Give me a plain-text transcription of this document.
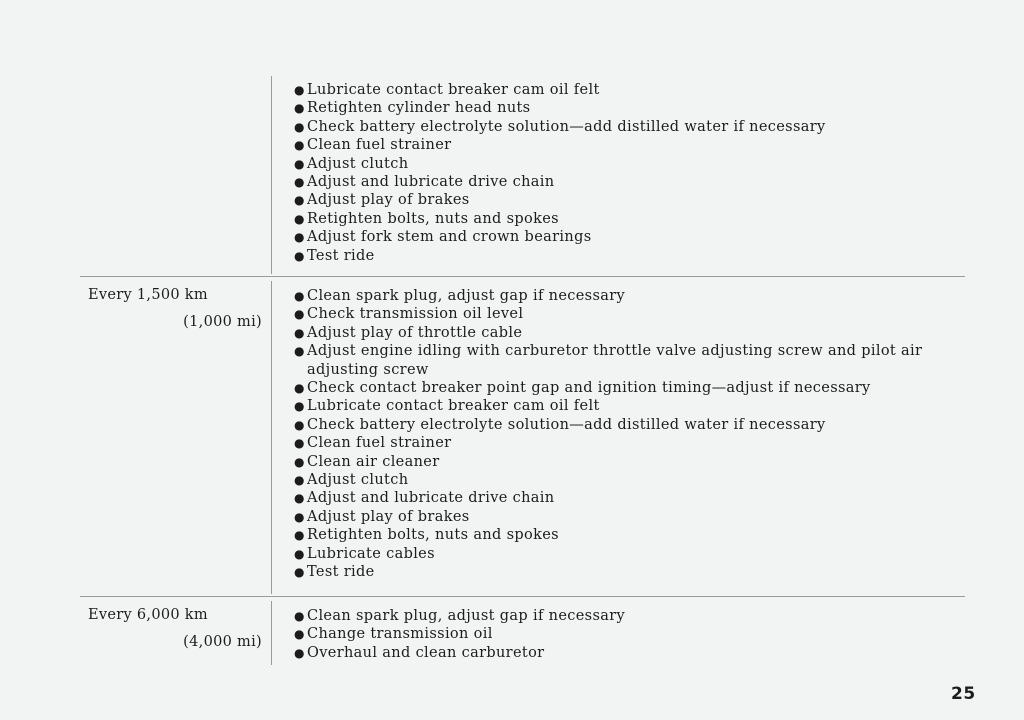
● Lubricate contact breaker cam oil felt
● Retighten cylinder head nuts
● Check battery electrolyte solution—add distilled water if necessary
● Clean fuel strainer
● Adjust clutch
● Adjust and lubricate drive chain
● Adjust play of brakes
● Retighten bolts, nuts and spokes
● Adjust fork stem and crown bearings
● Test ride
Every 1,500 km
(1,000 mi)
● Clean spark plug, adjust gap if necessary
● Check transmission oil level
● Adjust play of throttle cable
● Adjust engine idling with carburetor throttle valve adjusting screw and pilot air adjusting screw
● Check contact breaker point gap and ignition timing—adjust if necessary
● Lubricate contact breaker cam oil felt
● Check battery electrolyte solution—add distilled water if necessary
● Clean fuel strainer
● Clean air cleaner
● Adjust clutch
● Adjust and lubricate drive chain
● Adjust play of brakes
● Retighten bolts, nuts and spokes
● Lubricate cables
● Test ride
Every 6,000 km
(4,000 mi)
● Clean spark plug, adjust gap if necessary
● Change transmission oil
● Overhaul and clean carburetor
25
